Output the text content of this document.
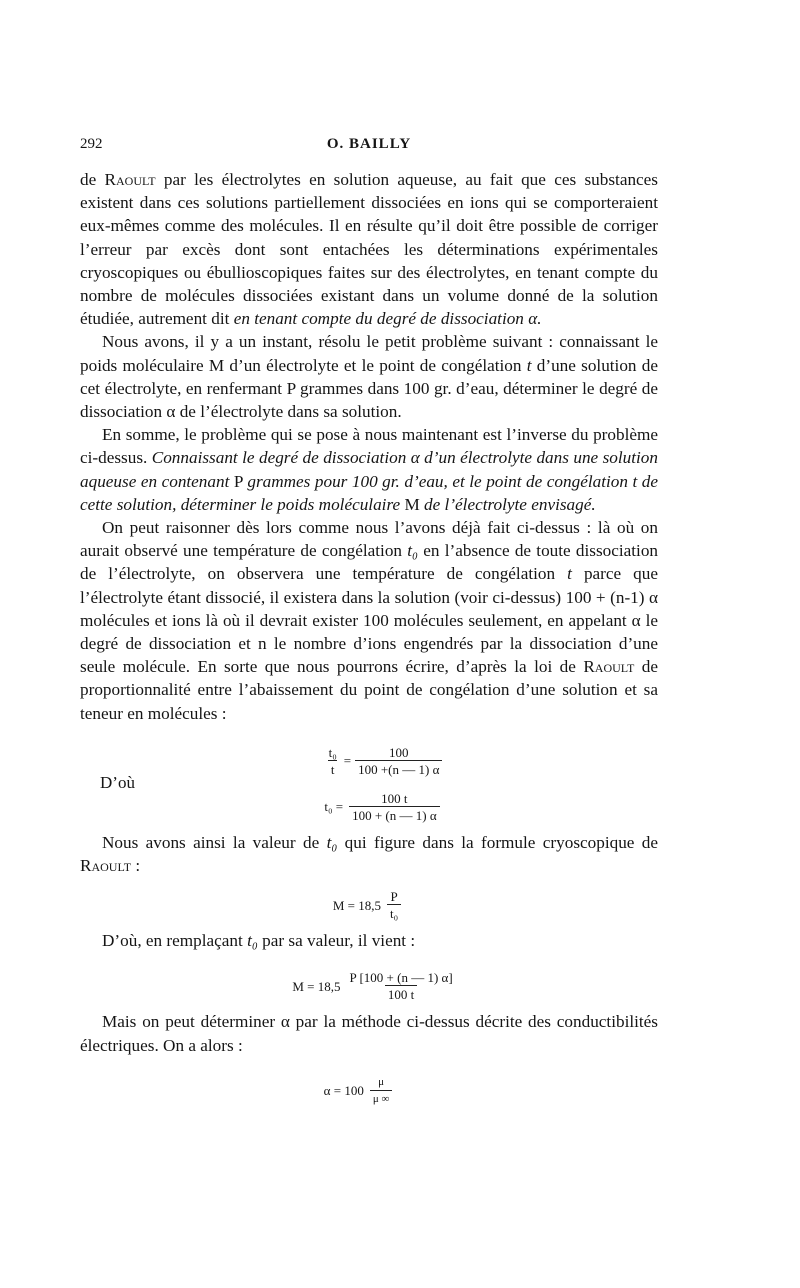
292	O. BAILLY

de Raoult par les électrolytes en solution aqueuse, au fait que ces substances existent dans ces solutions partiellement dissociées en ions qui se comporteraient eux-mêmes comme des molécules. Il en résulte qu’il doit être possible de corriger l’erreur par excès dont sont entachées les déterminations expérimentales cryoscopiques ou ébullioscopiques faites sur des électrolytes, en tenant compte du nombre de molécules dissociées existant dans un volume donné de la solution étudiée, autrement dit en tenant compte du degré de dissociation α.

Nous avons, il y a un instant, résolu le petit problème suivant : connaissant le poids moléculaire M d’un électrolyte et le point de congélation t d’une solution de cet électrolyte, en renfermant P grammes dans 100 gr. d’eau, déterminer le degré de dissociation α de l’électrolyte dans sa solution.

En somme, le problème qui se pose à nous maintenant est l’inverse du problème ci-dessus. Connaissant le degré de dissociation α d’un électrolyte dans une solution aqueuse en contenant P grammes pour 100 gr. d’eau, et le point de congélation t de cette solution, déterminer le poids moléculaire M de l’électrolyte envisagé.

On peut raisonner dès lors comme nous l’avons déjà fait ci-dessus : là où on aurait observé une température de congélation t₀ en l’absence de toute dissociation de l’électrolyte, on observera une température de congélation t parce que l’électrolyte étant dissocié, il existera dans la solution (voir ci-dessus) 100 + (n-1) α molécules et ions là où il devrait exister 100 molécules seulement, en appelant α le degré de dissociation et n le nombre d’ions engendrés par la dissociation d’une seule molécule. En sorte que nous pourrons écrire, d’après la loi de Raoult de proportionnalité entre l’abaissement du point de congélation d’une solution et sa teneur en molécules :

$\frac{\text{t₀}}{t} = \frac{100}{100 +(n — 1) \alpha}$
D’où
$t_0 = \frac{100 t}{100 + (n — 1) \alpha}$

Nous avons ainsi la valeur de t₀ qui figure dans la formule cryoscopique de Raoult :

$M = 18,5 \frac{P}{\text{t₀}}$

D’où, en remplaçant t₀ par sa valeur, il vient :

$M = 18,5 \frac{P [100 + (n — 1) \alpha]}{100 t}$

Mais on peut déterminer α par la méthode ci-dessus décrite des conductibilités électriques. On a alors :

$\alpha = 100 \frac{\mu}{\mu \infty}$
